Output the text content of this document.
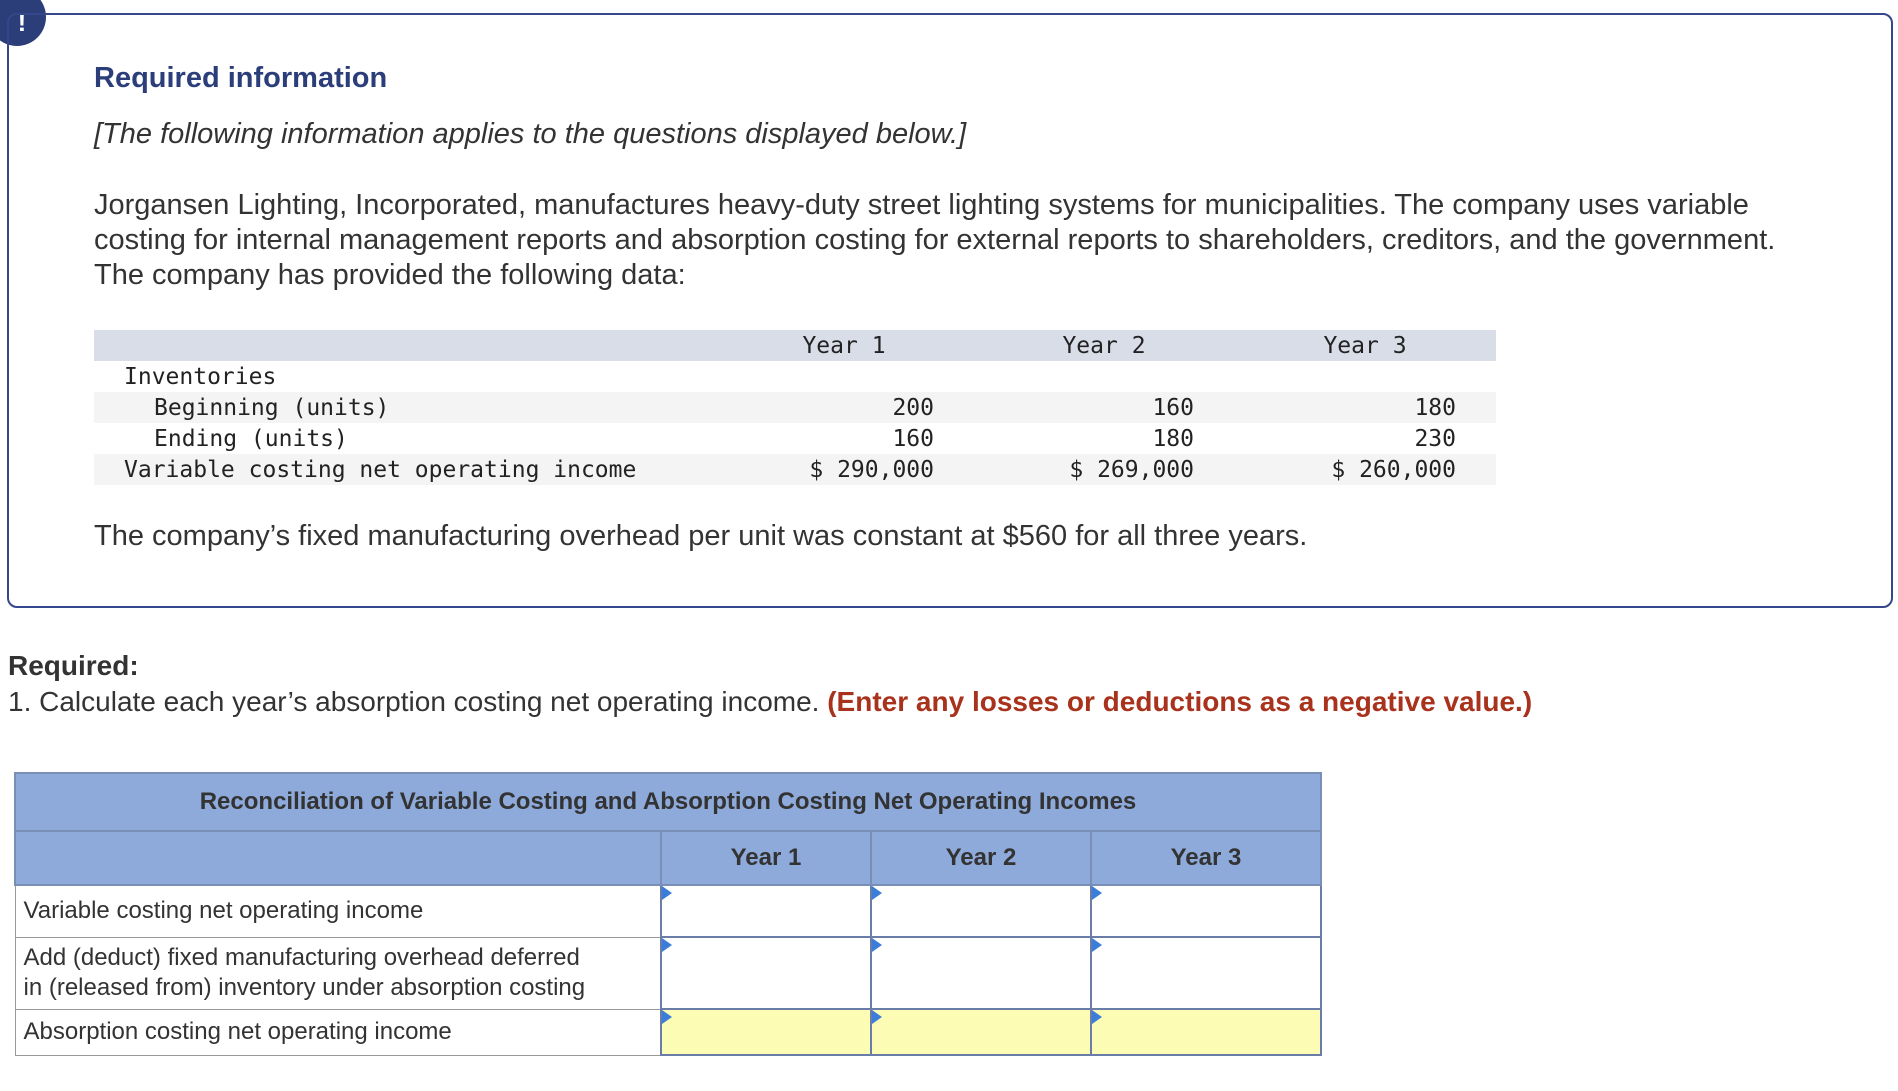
!
Required information
[The following information applies to the questions displayed below.]
Jorgansen Lighting, Incorporated, manufactures heavy-duty street lighting systems for municipalities. The company uses variable costing for internal management reports and absorption costing for external reports to shareholders, creditors, and the government. The company has provided the following data:
	Year 1	Year 2	Year 3
Inventories			
Beginning (units)	200	160	180
Ending (units)	160	180	230
Variable costing net operating income	$ 290,000	$ 269,000	$ 260,000
The company’s fixed manufacturing overhead per unit was constant at $560 for all three years.
Required:
1. Calculate each year’s absorption costing net operating income. (Enter any losses or deductions as a negative value.)
Reconciliation of Variable Costing and Absorption Costing Net Operating Incomes			
	Year 1	Year 2	Year 3
Variable costing net operating income	

Add (deduct) fixed manufacturing overhead deferred
in (released from) inventory under absorption costing	

Absorption costing net operating income	
